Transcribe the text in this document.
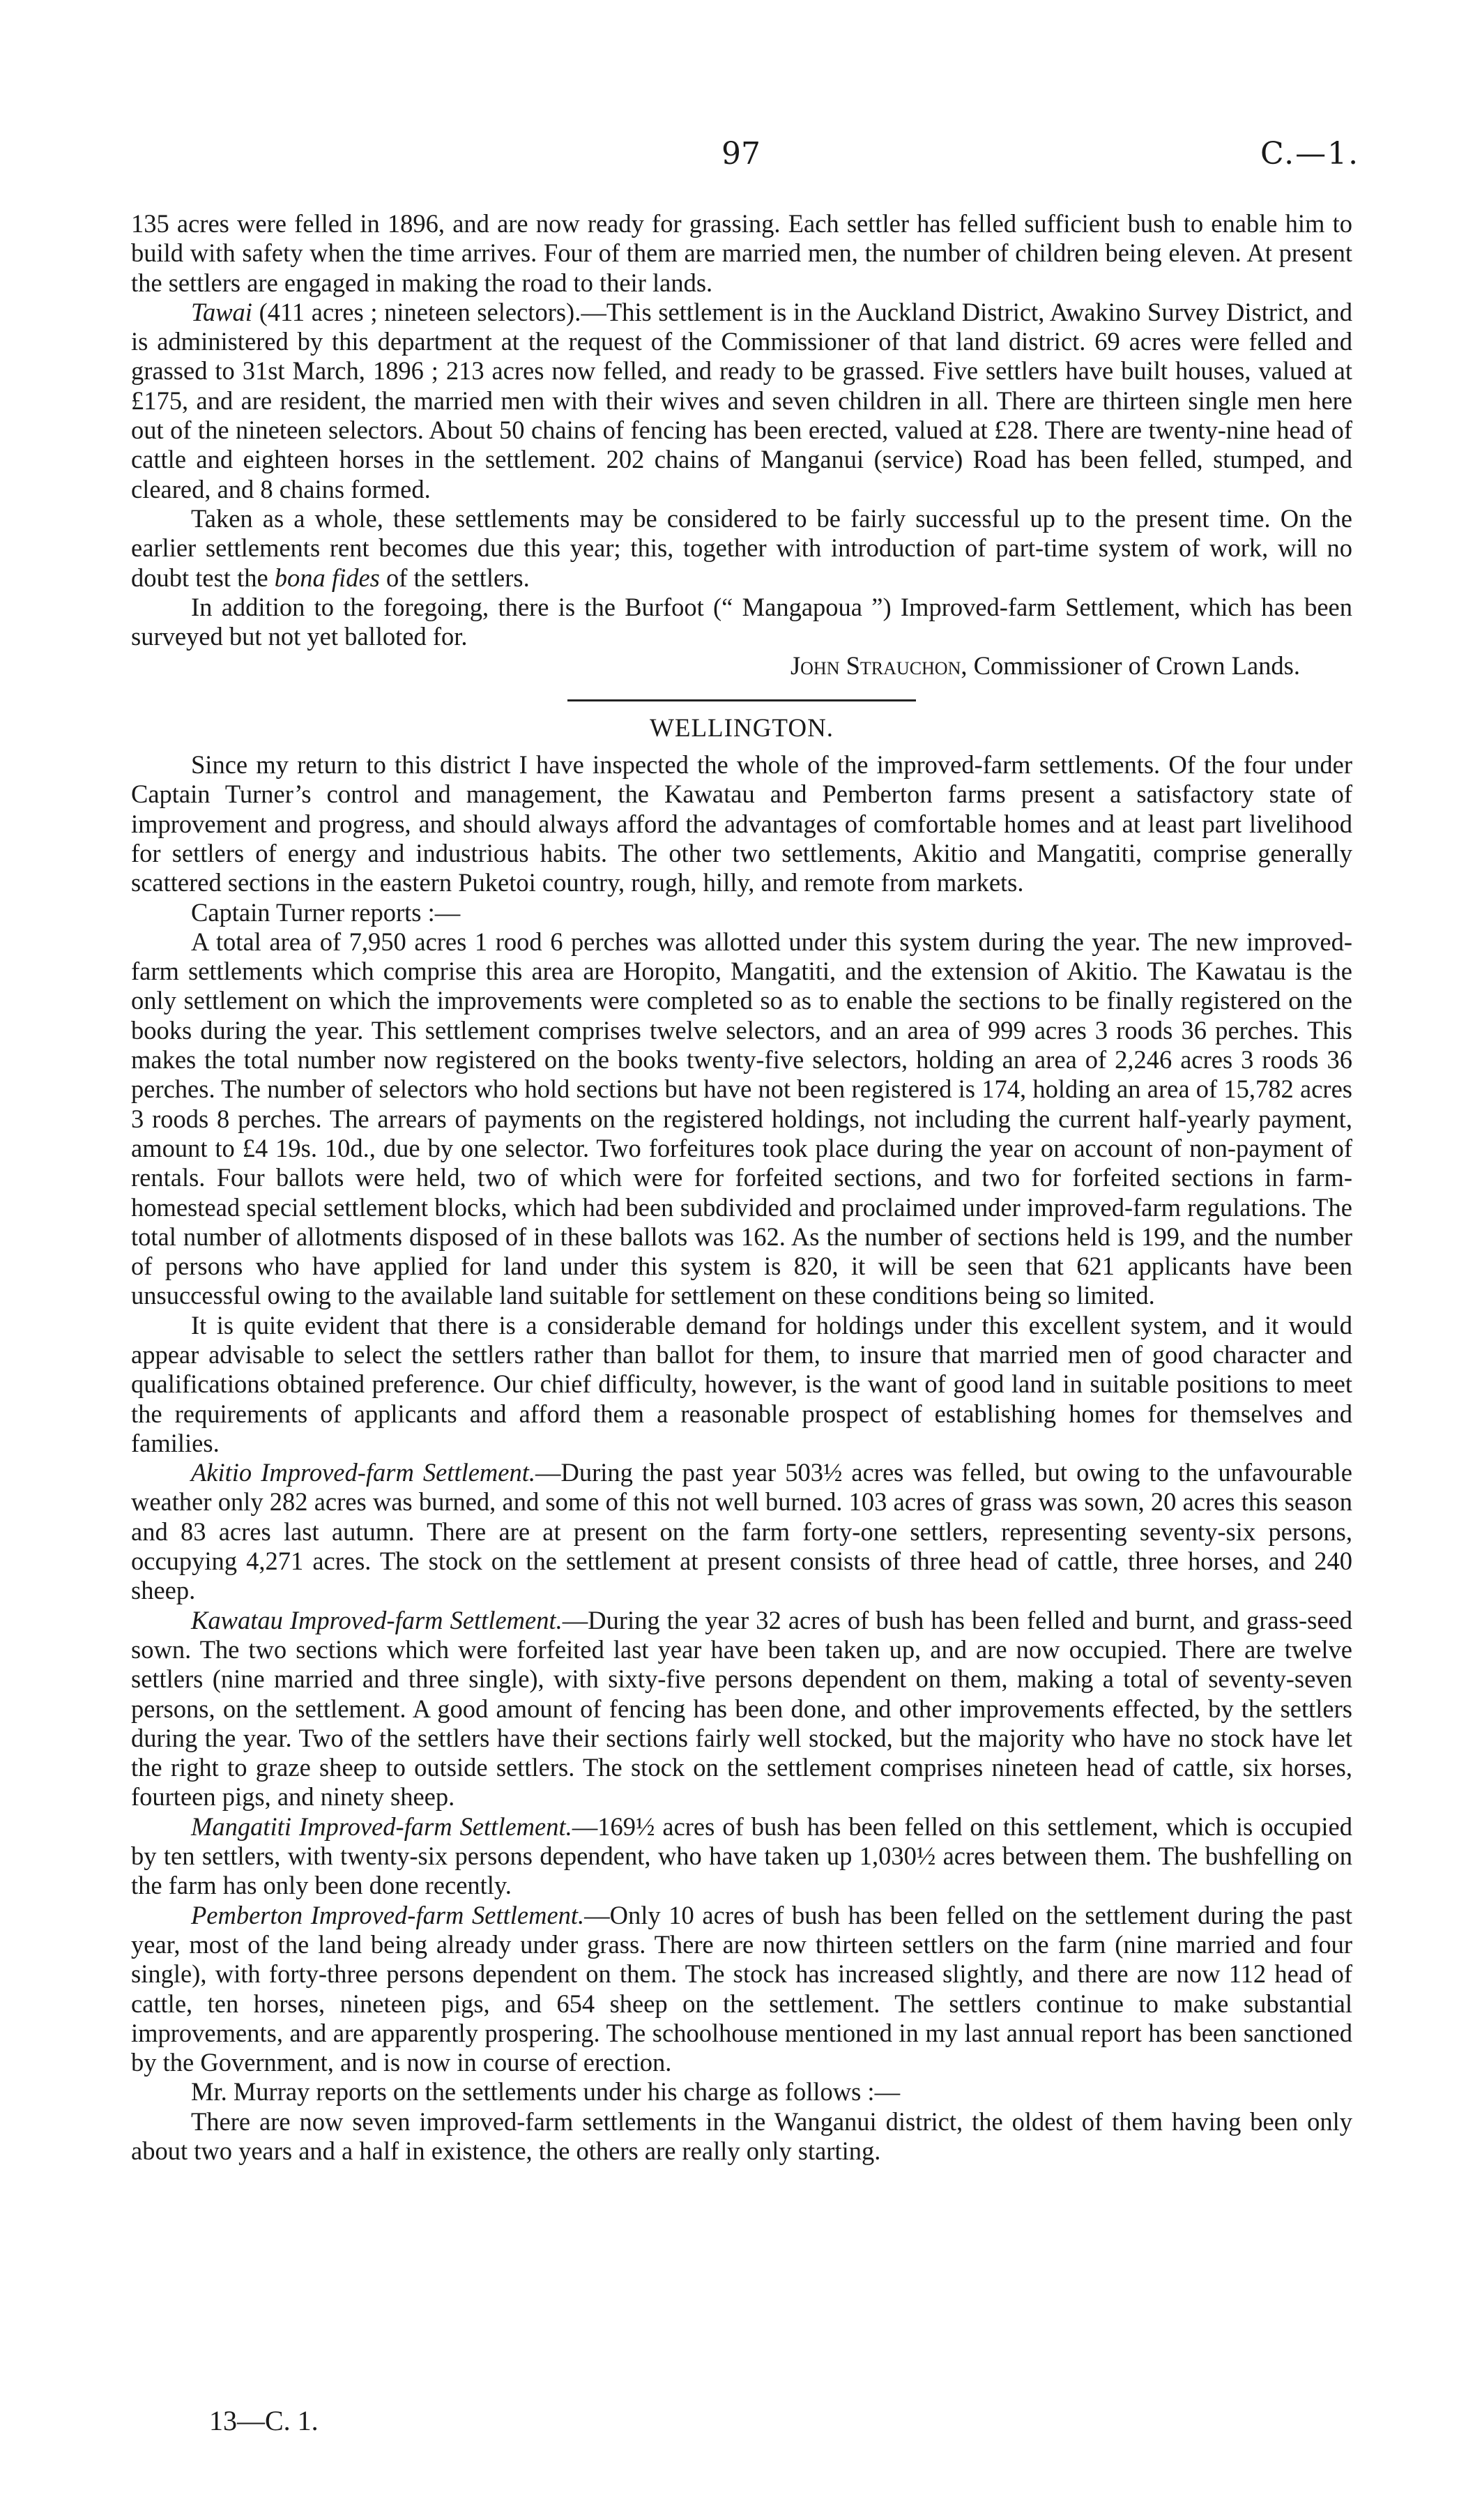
97	C.—1.

135 acres were felled in 1896, and are now ready for grassing. Each settler has felled sufficient bush to enable him to build with safety when the time arrives. Four of them are married men, the number of children being eleven. At present the settlers are engaged in making the road to their lands.

Tawai (411 acres ; nineteen selectors).—This settlement is in the Auckland District, Awakino Survey District, and is administered by this department at the request of the Commissioner of that land district. 69 acres were felled and grassed to 31st March, 1896 ; 213 acres now felled, and ready to be grassed. Five settlers have built houses, valued at £175, and are resident, the married men with their wives and seven children in all. There are thirteen single men here out of the nineteen selectors. About 50 chains of fencing has been erected, valued at £28. There are twenty-nine head of cattle and eighteen horses in the settlement. 202 chains of Manganui (service) Road has been felled, stumped, and cleared, and 8 chains formed.

Taken as a whole, these settlements may be considered to be fairly successful up to the present time. On the earlier settlements rent becomes due this year; this, together with introduction of part-time system of work, will no doubt test the bona fides of the settlers.

In addition to the foregoing, there is the Burfoot (“ Mangapoua ”) Improved-farm Settlement, which has been surveyed but not yet balloted for.

John Strauchon, Commissioner of Crown Lands.

WELLINGTON.

Since my return to this district I have inspected the whole of the improved-farm settlements. Of the four under Captain Turner’s control and management, the Kawatau and Pemberton farms present a satisfactory state of improvement and progress, and should always afford the advantages of comfortable homes and at least part livelihood for settlers of energy and industrious habits. The other two settlements, Akitio and Mangatiti, comprise generally scattered sections in the eastern Puketoi country, rough, hilly, and remote from markets.

Captain Turner reports :—

A total area of 7,950 acres 1 rood 6 perches was allotted under this system during the year. The new improved-farm settlements which comprise this area are Horopito, Mangatiti, and the extension of Akitio. The Kawatau is the only settlement on which the improvements were completed so as to enable the sections to be finally registered on the books during the year. This settlement comprises twelve selectors, and an area of 999 acres 3 roods 36 perches. This makes the total number now registered on the books twenty-five selectors, holding an area of 2,246 acres 3 roods 36 perches. The number of selectors who hold sections but have not been registered is 174, holding an area of 15,782 acres 3 roods 8 perches. The arrears of payments on the registered holdings, not including the current half-yearly payment, amount to £4 19s. 10d., due by one selector. Two forfeitures took place during the year on account of non-payment of rentals. Four ballots were held, two of which were for forfeited sections, and two for forfeited sections in farm-homestead special settlement blocks, which had been subdivided and proclaimed under improved-farm regulations. The total number of allotments disposed of in these ballots was 162. As the number of sections held is 199, and the number of persons who have applied for land under this system is 820, it will be seen that 621 applicants have been unsuccessful owing to the available land suitable for settlement on these conditions being so limited.

It is quite evident that there is a considerable demand for holdings under this excellent system, and it would appear advisable to select the settlers rather than ballot for them, to insure that married men of good character and qualifications obtained preference. Our chief difficulty, however, is the want of good land in suitable positions to meet the requirements of applicants and afford them a reasonable prospect of establishing homes for themselves and families.

Akitio Improved-farm Settlement.—During the past year 503½ acres was felled, but owing to the unfavourable weather only 282 acres was burned, and some of this not well burned. 103 acres of grass was sown, 20 acres this season and 83 acres last autumn. There are at present on the farm forty-one settlers, representing seventy-six persons, occupying 4,271 acres. The stock on the settlement at present consists of three head of cattle, three horses, and 240 sheep.

Kawatau Improved-farm Settlement.—During the year 32 acres of bush has been felled and burnt, and grass-seed sown. The two sections which were forfeited last year have been taken up, and are now occupied. There are twelve settlers (nine married and three single), with sixty-five persons dependent on them, making a total of seventy-seven persons, on the settlement. A good amount of fencing has been done, and other improvements effected, by the settlers during the year. Two of the settlers have their sections fairly well stocked, but the majority who have no stock have let the right to graze sheep to outside settlers. The stock on the settlement comprises nineteen head of cattle, six horses, fourteen pigs, and ninety sheep.

Mangatiti Improved-farm Settlement.—169½ acres of bush has been felled on this settlement, which is occupied by ten settlers, with twenty-six persons dependent, who have taken up 1,030½ acres between them. The bushfelling on the farm has only been done recently.

Pemberton Improved-farm Settlement.—Only 10 acres of bush has been felled on the settlement during the past year, most of the land being already under grass. There are now thirteen settlers on the farm (nine married and four single), with forty-three persons dependent on them. The stock has increased slightly, and there are now 112 head of cattle, ten horses, nineteen pigs, and 654 sheep on the settlement. The settlers continue to make substantial improvements, and are apparently prospering. The schoolhouse mentioned in my last annual report has been sanctioned by the Government, and is now in course of erection.

Mr. Murray reports on the settlements under his charge as follows :—

There are now seven improved-farm settlements in the Wanganui district, the oldest of them having been only about two years and a half in existence, the others are really only starting.

13—C. 1.
